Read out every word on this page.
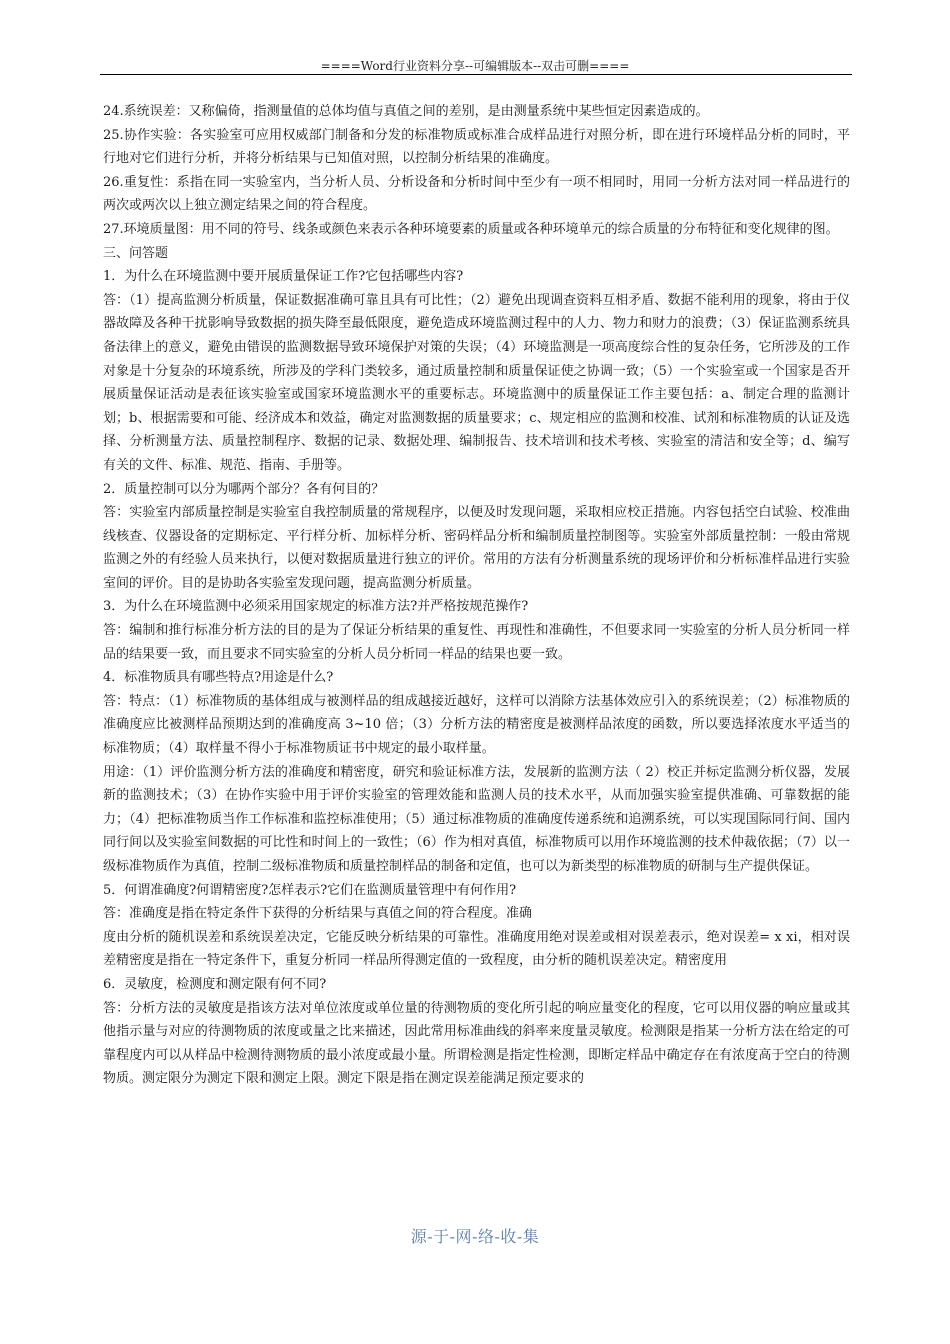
====Word行业资料分享--可编辑版本--双击可删====

24.系统误差：又称偏倚，指测量值的总体均值与真值之间的差别，是由测量系统中某些恒定因素造成的。

25.协作实验：各实验室可应用权威部门制备和分发的标准物质或标准合成样品进行对照分析，即在进行环境样品分析的同时，平行地对它们进行分析，并将分析结果与已知值对照，以控制分析结果的准确度。

26.重复性：系指在同一实验室内，当分析人员、分析设备和分析时间中至少有一项不相同时，用同一分析方法对同一样品进行的两次或两次以上独立测定结果之间的符合程度。

27.环境质量图：用不同的符号、线条或颜色来表示各种环境要素的质量或各种环境单元的综合质量的分布特征和变化规律的图。

三、问答题

1．为什么在环境监测中要开展质量保证工作?它包括哪些内容?

答：（1）提高监测分析质量，保证数据准确可靠且具有可比性；（2）避免出现调查资料互相矛盾、数据不能利用的现象，将由于仪器故障及各种干扰影响导致数据的损失降至最低限度，避免造成环境监测过程中的人力、物力和财力的浪费；（3）保证监测系统具备法律上的意义，避免由错误的监测数据导致环境保护对策的失误；（4）环境监测是一项高度综合性的复杂任务，它所涉及的工作对象是十分复杂的环境系统，所涉及的学科门类较多，通过质量控制和质量保证使之协调一致；（5）一个实验室或一个国家是否开展质量保证活动是表征该实验室或国家环境监测水平的重要标志。环境监测中的质量保证工作主要包括：a、制定合理的监测计划；b、根据需要和可能、经济成本和效益，确定对监测数据的质量要求；c、规定相应的监测和校准、试剂和标准物质的认证及选择、分析测量方法、质量控制程序、数据的记录、数据处理、编制报告、技术培训和技术考核、实验室的清洁和安全等；d、编写有关的文件、标准、规范、指南、手册等。

2．质量控制可以分为哪两个部分？各有何目的？

答：实验室内部质量控制是实验室自我控制质量的常规程序，以便及时发现问题，采取相应校正措施。内容包括空白试验、校准曲线核查、仪器设备的定期标定、平行样分析、加标样分析、密码样品分析和编制质量控制图等。实验室外部质量控制：一般由常规监测之外的有经验人员来执行，以便对数据质量进行独立的评价。常用的方法有分析测量系统的现场评价和分析标准样品进行实验室间的评价。目的是协助各实验室发现问题，提高监测分析质量。

3．为什么在环境监测中必须采用国家规定的标准方法?并严格按规范操作?

答：编制和推行标准分析方法的目的是为了保证分析结果的重复性、再现性和准确性，不但要求同一实验室的分析人员分析同一样品的结果要一致，而且要求不同实验室的分析人员分析同一样品的结果也要一致。

4．标准物质具有哪些特点?用途是什么?

答：特点：（1）标准物质的基体组成与被测样品的组成越接近越好，这样可以消除方法基体效应引入的系统误差；（2）标准物质的准确度应比被测样品预期达到的准确度高 3~10 倍；（3）分析方法的精密度是被测样品浓度的函数，所以要选择浓度水平适当的标准物质；（4）取样量不得小于标准物质证书中规定的最小取样量。

用途：（1）评价监测分析方法的准确度和精密度，研究和验证标准方法，发展新的监测方法（ 2）校正并标定监测分析仪器，发展新的监测技术；（3）在协作实验中用于评价实验室的管理效能和监测人员的技术水平，从而加强实验室提供准确、可靠数据的能力；（4）把标准物质当作工作标准和监控标准使用；（5）通过标准物质的准确度传递系统和追溯系统，可以实现国际同行间、国内同行间以及实验室间数据的可比性和时间上的一致性；（6）作为相对真值，标准物质可以用作环境监测的技术仲裁依据；（7）以一级标准物质作为真值，控制二级标准物质和质量控制样品的制备和定值，也可以为新类型的标准物质的研制与生产提供保证。

5．何谓准确度?何谓精密度?怎样表示?它们在监测质量管理中有何作用?

答：准确度是指在特定条件下获得的分析结果与真值之间的符合程度。准确

度由分析的随机误差和系统误差决定，它能反映分析结果的可靠性。准确度用绝对误差或相对误差表示，绝对误差= x xi，相对误差精密度是指在一特定条件下，重复分析同一样品所得测定值的一致程度，由分析的随机误差决定。精密度用

6．灵敏度，检测度和测定限有何不同?

答：分析方法的灵敏度是指该方法对单位浓度或单位量的待测物质的变化所引起的响应量变化的程度，它可以用仪器的响应量或其他指示量与对应的待测物质的浓度或量之比来描述，因此常用标准曲线的斜率来度量灵敏度。检测限是指某一分析方法在给定的可靠程度内可以从样品中检测待测物质的最小浓度或最小量。所谓检测是指定性检测，即断定样品中确定存在有浓度高于空白的待测物质。测定限分为测定下限和测定上限。测定下限是指在测定误差能满足预定要求的

源-于-网-络-收-集
